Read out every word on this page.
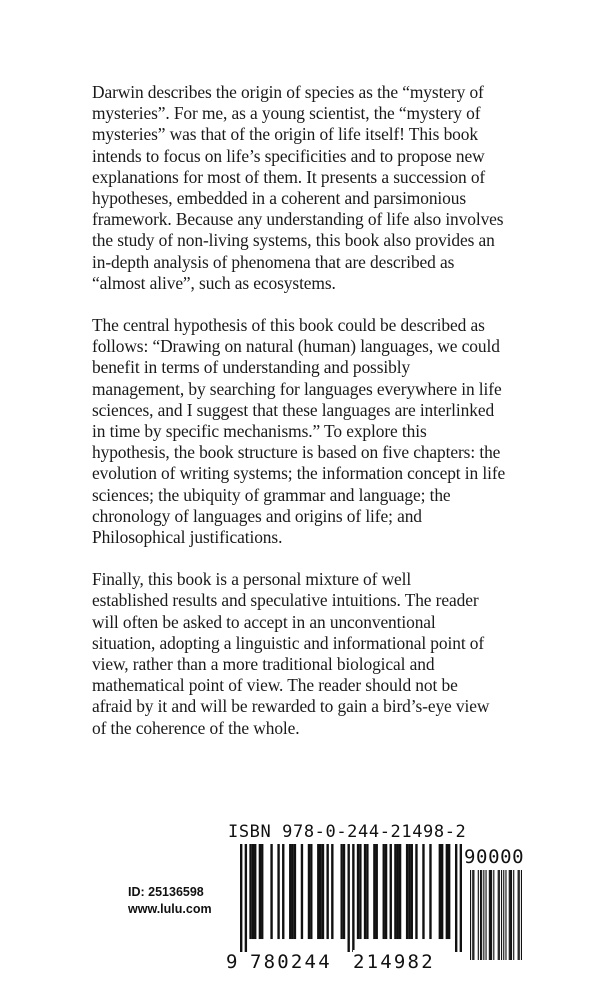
Darwin describes the origin of species as the “mystery of
mysteries”. For me, as a young scientist, the “mystery of
mysteries” was that of the origin of life itself! This book
intends to focus on life’s specificities and to propose new
explanations for most of them. It presents a succession of
hypotheses, embedded in a coherent and parsimonious
framework. Because any understanding of life also involves
the study of non-living systems, this book also provides an
in-depth analysis of phenomena that are described as
“almost alive”, such as ecosystems.

The central hypothesis of this book could be described as
follows: “Drawing on natural (human) languages, we could
benefit in terms of understanding and possibly
management, by searching for languages everywhere in life
sciences, and I suggest that these languages are interlinked
in time by specific mechanisms.” To explore this
hypothesis, the book structure is based on five chapters: the
evolution of writing systems; the information concept in life
sciences; the ubiquity of grammar and language; the
chronology of languages and origins of life; and
Philosophical justifications.

Finally, this book is a personal mixture of well
established results and speculative intuitions. The reader
will often be asked to accept in an unconventional
situation, adopting a linguistic and informational point of
view, rather than a more traditional biological and
mathematical point of view. The reader should not be
afraid by it and will be rewarded to gain a bird’s-eye view
of the coherence of the whole.

ID: 25136598
www.lulu.com
ISBN 978-0-244-21498-2
90000
9 780244 214982
